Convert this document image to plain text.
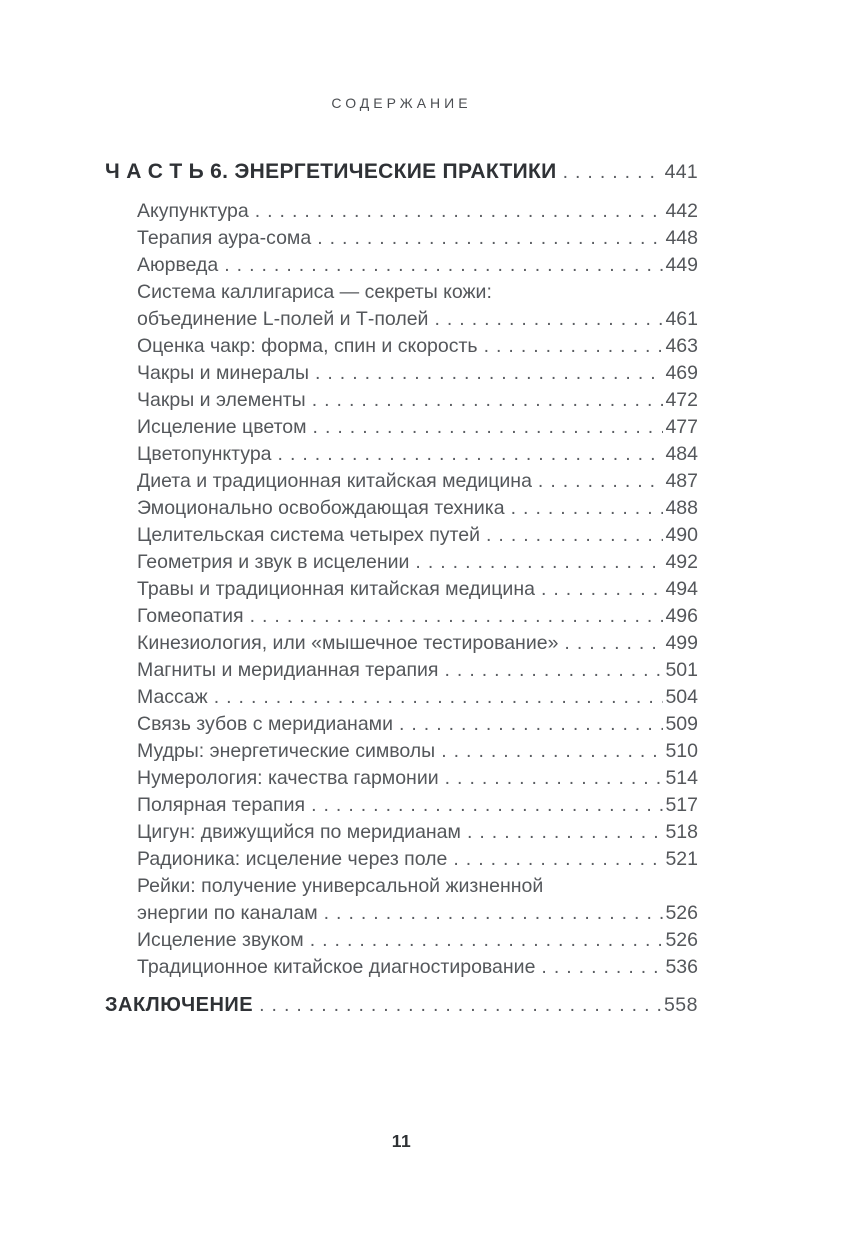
СОДЕРЖАНИЕ
Ч А С Т Ь 6. ЭНЕРГЕТИЧЕСКИЕ ПРАКТИКИ .....	441
Акупунктура .....	442
Терапия аура-сома .....	448
Аюрведа .....	449
Система каллигариса — секреты кожи:
объединение L-полей и Т-полей .....	461
Оценка чакр: форма, спин и скорость .....	463
Чакры и минералы .....	469
Чакры и элементы .....	472
Исцеление цветом .....	477
Цветопунктура .....	484
Диета и традиционная китайская медицина .....	487
Эмоционально освобождающая техника .....	488
Целительская система четырех путей .....	490
Геометрия и звук в исцелении .....	492
Травы и традиционная китайская медицина .....	494
Гомеопатия .....	496
Кинезиология, или «мышечное тестирование» .....	499
Магниты и меридианная терапия .....	501
Массаж .....	504
Связь зубов с меридианами .....	509
Мудры: энергетические символы .....	510
Нумерология: качества гармонии .....	514
Полярная терапия .....	517
Цигун: движущийся по меридианам .....	518
Радионика: исцеление через поле .....	521
Рейки: получение универсальной жизненной
энергии по каналам .....	526
Исцеление звуком .....	526
Традиционное китайское диагностирование .....	536
ЗАКЛЮЧЕНИЕ .....	558
11
